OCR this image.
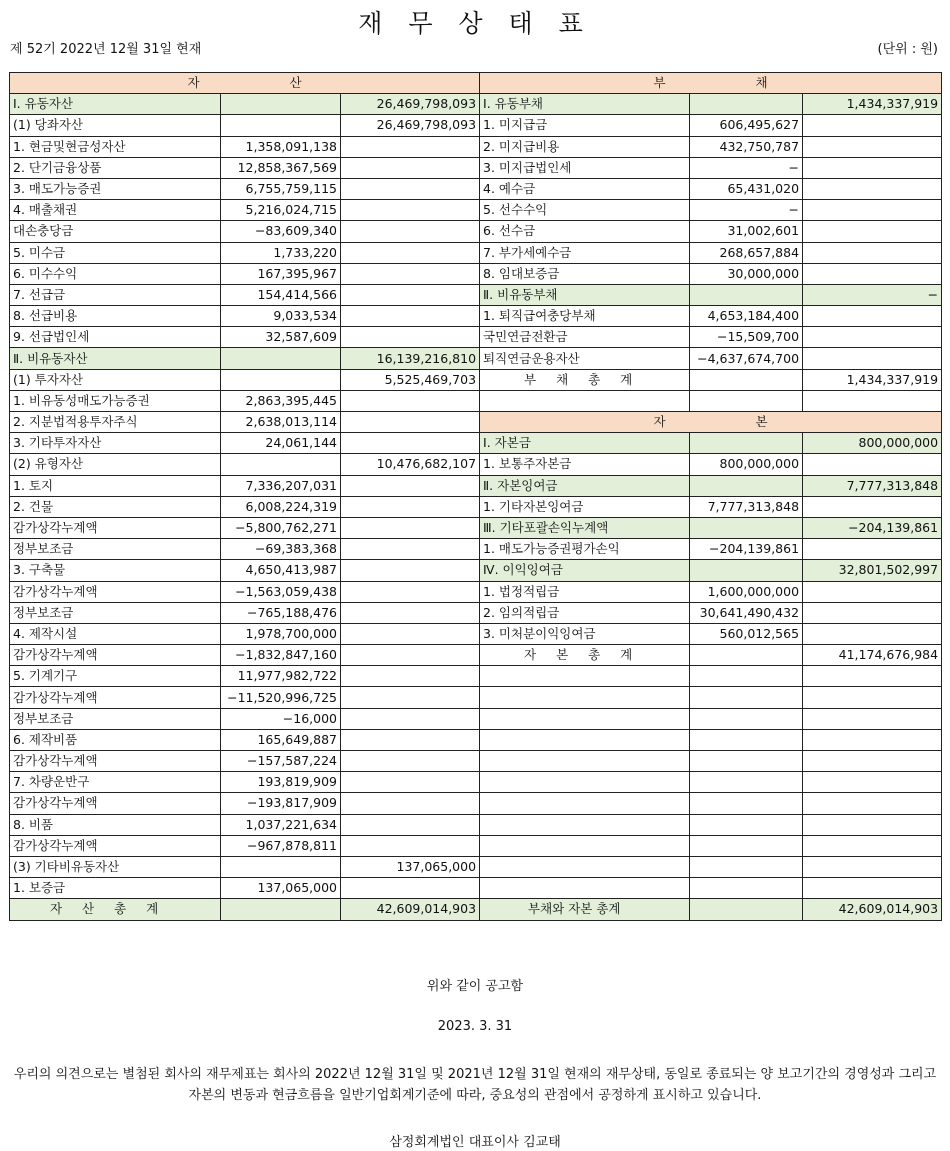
재 무 상 태 표
제 52기 2022년 12월 31일 현재	(단위 : 원)
자 산			부 채		
Ⅰ. 유동자산		26,469,798,093	Ⅰ. 유동부채		1,434,337,919
(1) 당좌자산		26,469,798,093	1. 미지급금	606,495,627	
1. 현금및현금성자산	1,358,091,138		2. 미지급비용	432,750,787	
2. 단기금융상품	12,858,367,569		3. 미지급법인세	−	
3. 매도가능증권	6,755,759,115		4. 예수금	65,431,020	
4. 매출채권	5,216,024,715		5. 선수수익	−	
대손충당금	−83,609,340		6. 선수금	31,002,601	
5. 미수금	1,733,220		7. 부가세예수금	268,657,884	
6. 미수수익	167,395,967		8. 임대보증금	30,000,000	
7. 선급금	154,414,566		Ⅱ. 비유동부채		−
8. 선급비용	9,033,534		1. 퇴직급여충당부채	4,653,184,400	
9. 선급법인세	32,587,609		국민연금전환금	−15,509,700	
Ⅱ. 비유동자산		16,139,216,810	퇴직연금운용자산	−4,637,674,700	
(1) 투자자산		5,525,469,703	부 채 총 계		1,434,337,919
1. 비유동성매도가능증권	2,863,395,445				
2. 지분법적용투자주식	2,638,013,114		자 본		
3. 기타투자자산	24,061,144		Ⅰ. 자본금		800,000,000
(2) 유형자산		10,476,682,107	1. 보통주자본금	800,000,000	
1. 토지	7,336,207,031		Ⅱ. 자본잉여금		7,777,313,848
2. 건물	6,008,224,319		1. 기타자본잉여금	7,777,313,848	
감가상각누계액	−5,800,762,271		Ⅲ. 기타포괄손익누계액		−204,139,861
정부보조금	−69,383,368		1. 매도가능증권평가손익	−204,139,861	
3. 구축물	4,650,413,987		Ⅳ. 이익잉여금		32,801,502,997
감가상각누계액	−1,563,059,438		1. 법정적립금	1,600,000,000	
정부보조금	−765,188,476		2. 임의적립금	30,641,490,432	
4. 제작시설	1,978,700,000		3. 미처분이익잉여금	560,012,565	
감가상각누계액	−1,832,847,160		자 본 총 계		41,174,676,984
5. 기계기구	11,977,982,722				
감가상각누계액	−11,520,996,725				
정부보조금	−16,000				
6. 제작비품	165,649,887				
감가상각누계액	−157,587,224				
7. 차량운반구	193,819,909				
감가상각누계액	−193,817,909				
8. 비품	1,037,221,634				
감가상각누계액	−967,878,811				
(3) 기타비유동자산		137,065,000			
1. 보증금	137,065,000				
자 산 총 계		42,609,014,903	부채와 자본 총계		42,609,014,903
위와 같이 공고함
2023. 3. 31
우리의 의견으로는 별첨된 회사의 재무제표는 회사의 2022년 12월 31일 및 2021년 12월 31일 현재의 재무상태, 동일로 종료되는 양 보고기간의 경영성과 그리고 자본의 변동과 현금흐름을 일반기업회계기준에 따라, 중요성의 관점에서 공정하게 표시하고 있습니다.
삼정회계법인 대표이사 김교태
